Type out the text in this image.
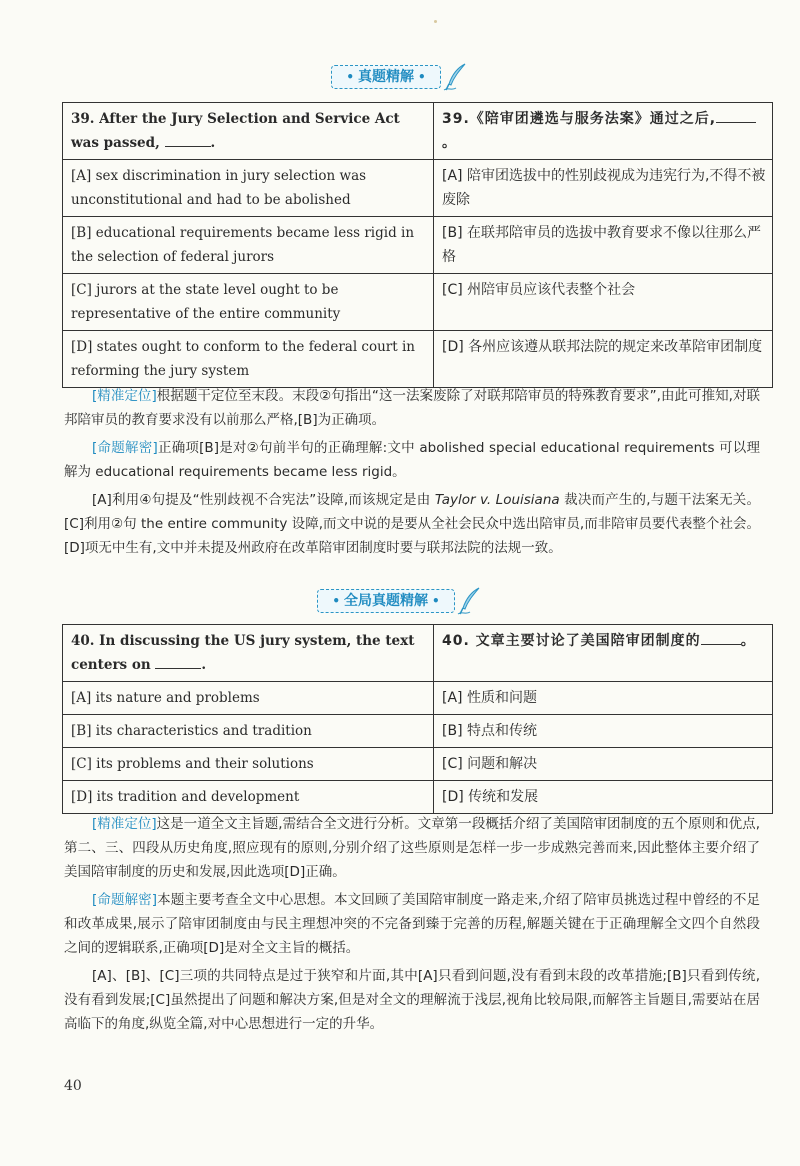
• 真题精解 •
39. After the Jury Selection and Service Act was passed, .	39.《陪审团遴选与服务法案》通过之后,。
[A] sex discrimination in jury selection was unconstitutional and had to be abolished	[A] 陪审团选拔中的性别歧视成为违宪行为,不得不被废除
[B] educational requirements became less rigid in the selection of federal jurors	[B] 在联邦陪审员的选拔中教育要求不像以往那么严格
[C] jurors at the state level ought to be representative of the entire community	[C] 州陪审员应该代表整个社会
[D] states ought to conform to the federal court in reforming the jury system	[D] 各州应该遵从联邦法院的规定来改革陪审团制度

[精准定位]根据题干定位至末段。末段②句指出“这一法案废除了对联邦陪审员的特殊教育要求”,由此可推知,对联邦陪审员的教育要求没有以前那么严格,[B]为正确项。

[命题解密]正确项[B]是对②句前半句的正确理解:文中 abolished special educational requirements 可以理解为 educational requirements became less rigid。

[A]利用④句提及“性别歧视不合宪法”设障,而该规定是由 Taylor v. Louisiana 裁决而产生的,与题干法案无关。[C]利用②句 the entire community 设障,而文中说的是要从全社会民众中选出陪审员,而非陪审员要代表整个社会。[D]项无中生有,文中并未提及州政府在改革陪审团制度时要与联邦法院的法规一致。

• 全局真题精解 •
40. In discussing the US jury system, the text centers on .	40. 文章主要讨论了美国陪审团制度的 。
[A] its nature and problems	[A] 性质和问题
[B] its characteristics and tradition	[B] 特点和传统
[C] its problems and their solutions	[C] 问题和解决
[D] its tradition and development	[D] 传统和发展

[精准定位]这是一道全文主旨题,需结合全文进行分析。文章第一段概括介绍了美国陪审团制度的五个原则和优点,第二、三、四段从历史角度,照应现有的原则,分别介绍了这些原则是怎样一步一步成熟完善而来,因此整体主要介绍了美国陪审制度的历史和发展,因此选项[D]正确。

[命题解密]本题主要考查全文中心思想。本文回顾了美国陪审制度一路走来,介绍了陪审员挑选过程中曾经的不足和改革成果,展示了陪审团制度由与民主理想冲突的不完备到臻于完善的历程,解题关键在于正确理解全文四个自然段之间的逻辑联系,正确项[D]是对全文主旨的概括。

[A]、[B]、[C]三项的共同特点是过于狭窄和片面,其中[A]只看到问题,没有看到末段的改革措施;[B]只看到传统,没有看到发展;[C]虽然提出了问题和解决方案,但是对全文的理解流于浅层,视角比较局限,而解答主旨题目,需要站在居高临下的角度,纵览全篇,对中心思想进行一定的升华。

40
